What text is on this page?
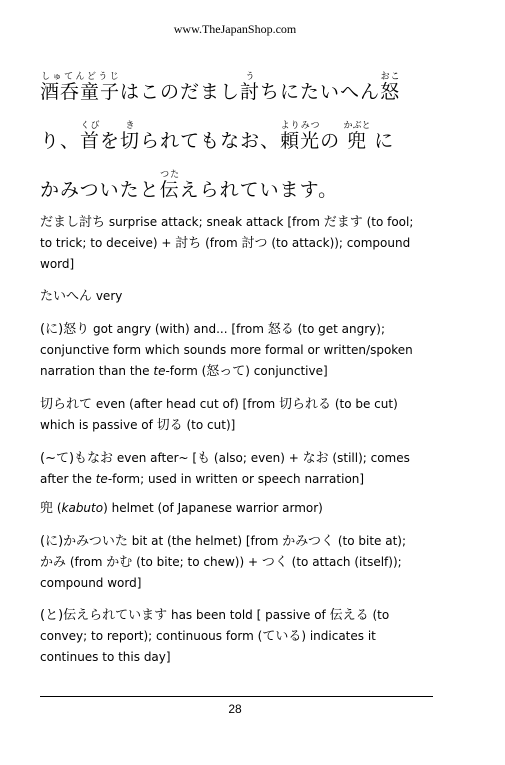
www.TheJapanShop.com
酒呑童子しゅてんどうじはこのだまし討うちにたいへん怒おこ
り、首くびを切きられてもなお、頼光よりみつの 兜かぶと に
かみついたと伝つたえられています。
だまし討ち surprise attack; sneak attack [from だます (to fool;
to trick; to deceive) + 討ち (from 討つ (to attack)); compound
word]
たいへん very
(に)怒り got angry (with) and... [from 怒る (to get angry);
conjunctive form which sounds more formal or written/spoken
narration than the te-form (怒って) conjunctive]
切られて even (after head cut of) [from 切られる (to be cut)
which is passive of 切る (to cut)]
(~て)もなお even after~ [も (also; even) + なお (still); comes
after the te-form; used in written or speech narration]
兜 (kabuto) helmet (of Japanese warrior armor)
(に)かみついた bit at (the helmet) [from かみつく (to bite at);
かみ (from かむ (to bite; to chew)) + つく (to attach (itself));
compound word]
(と)伝えられています has been told [ passive of 伝える (to
convey; to report); continuous form (ている) indicates it
continues to this day]
28
